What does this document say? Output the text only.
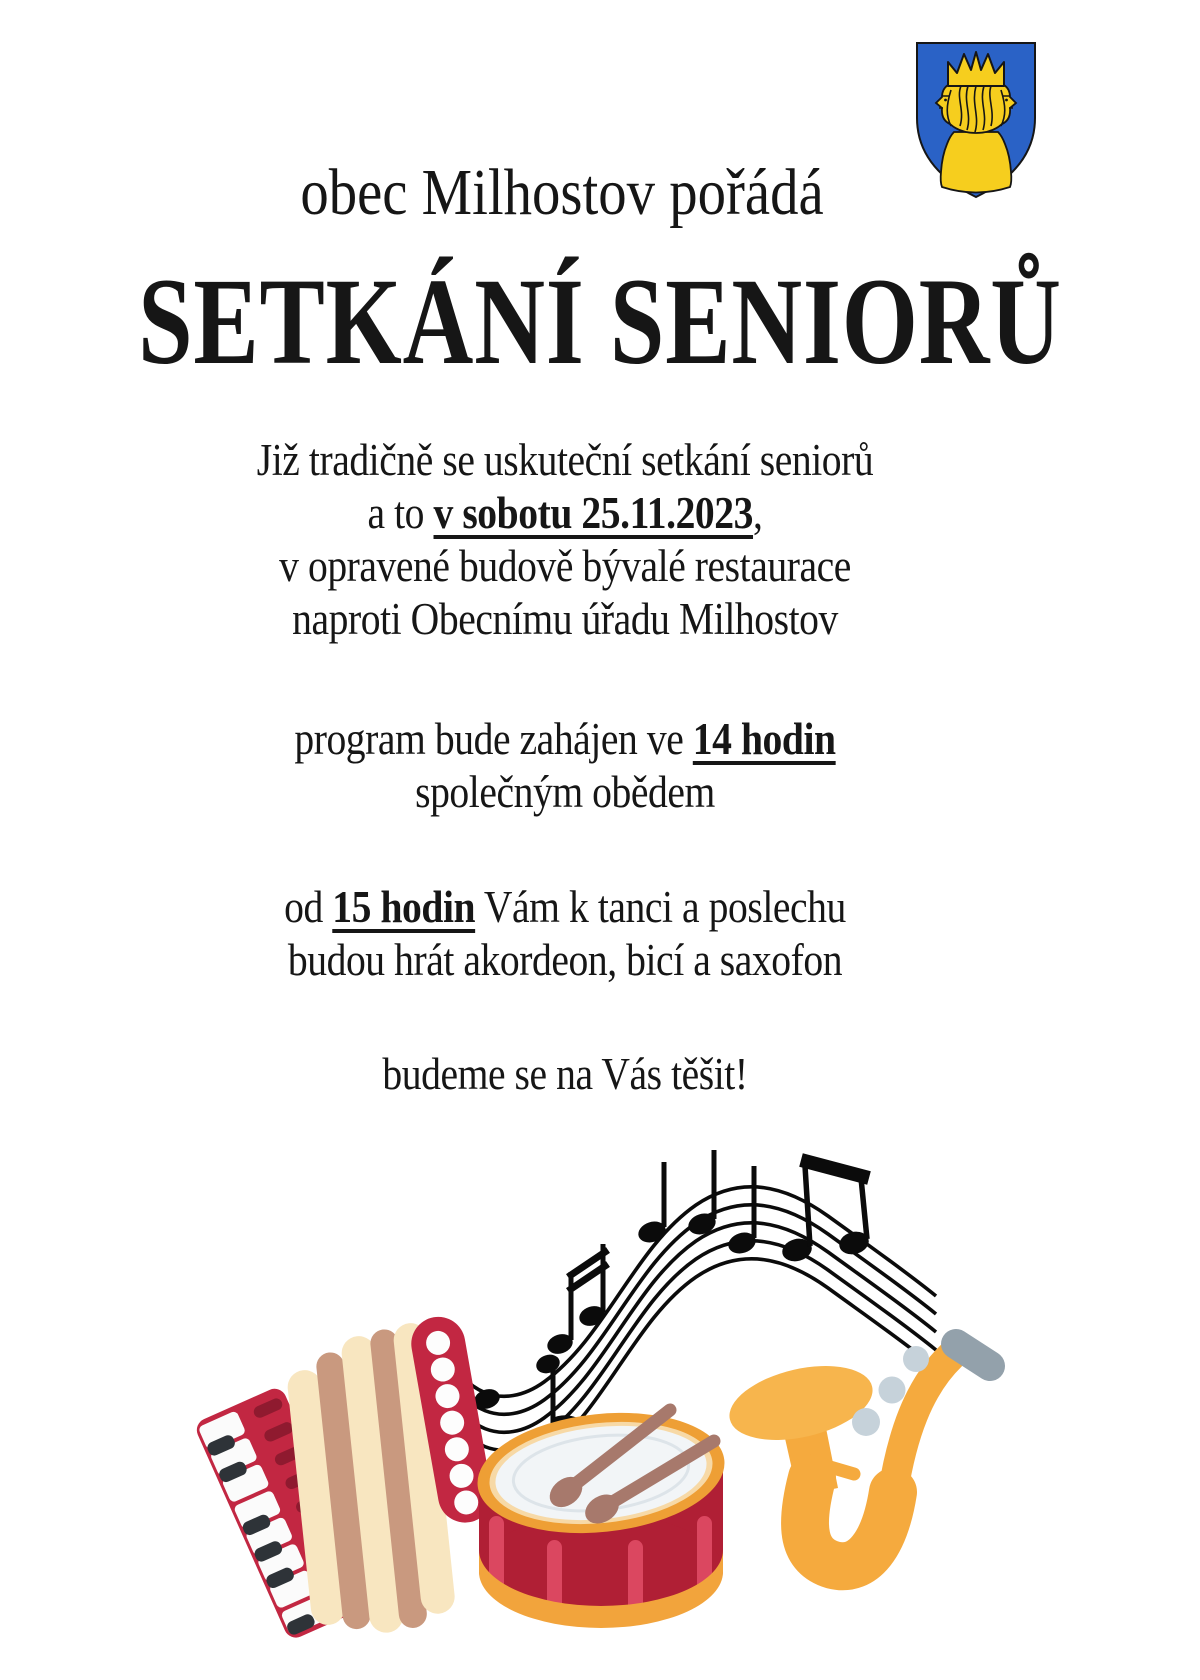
obec Milhostov pořádá
SETKÁNÍ SENIORŮ
Již tradičně se uskuteční setkání seniorů
a to v sobotu 25.11.2023,
v opravené budově bývalé restaurace
naproti Obecnímu úřadu Milhostov
program bude zahájen ve 14 hodin
společným obědem
od 15 hodin Vám k tanci a poslechu
budou hrát akordeon, bicí a saxofon
budeme se na Vás těšit!
